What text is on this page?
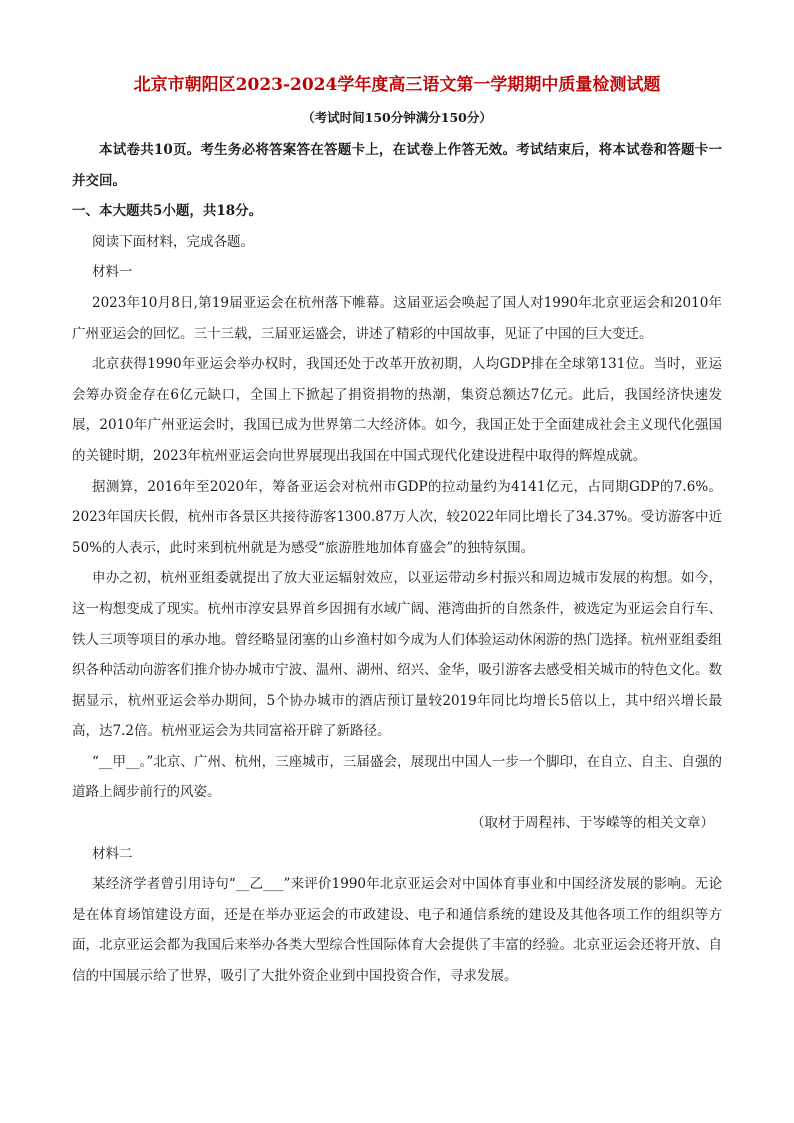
北京市朝阳区2023-2024学年度高三语文第一学期期中质量检测试题
（考试时间150分钟满分150分）

本试卷共10页。考生务必将答案答在答题卡上，在试卷上作答无效。考试结束后，将本试卷和答题卡一并交回。

一、本大题共5小题，共18分。

阅读下面材料，完成各题。

材料一

2023年10月8日,第19届亚运会在杭州落下帷幕。这届亚运会唤起了国人对1990年北京亚运会和2010年广州亚运会的回忆。三十三载，三届亚运盛会，讲述了精彩的中国故事，见证了中国的巨大变迁。

北京获得1990年亚运会举办权时，我国还处于改革开放初期，人均GDP排在全球第131位。当时，亚运会筹办资金存在6亿元缺口，全国上下掀起了捐资捐物的热潮，集资总额达7亿元。此后，我国经济快速发展，2010年广州亚运会时，我国已成为世界第二大经济体。如今，我国正处于全面建成社会主义现代化强国的关键时期，2023年杭州亚运会向世界展现出我国在中国式现代化建设进程中取得的辉煌成就。

据测算，2016年至2020年，筹备亚运会对杭州市GDP的拉动量约为4141亿元，占同期GDP的7.6%。2023年国庆长假，杭州市各景区共接待游客1300.87万人次，较2022年同比增长了34.37%。受访游客中近50%的人表示，此时来到杭州就是为感受“旅游胜地加体育盛会”的独特氛围。

申办之初，杭州亚组委就提出了放大亚运辐射效应，以亚运带动乡村振兴和周边城市发展的构想。如今，这一构想变成了现实。杭州市淳安县界首乡因拥有水域广阔、港湾曲折的自然条件，被选定为亚运会自行车、铁人三项等项目的承办地。曾经略显闭塞的山乡渔村如今成为人们体验运动休闲游的热门选择。杭州亚组委组织各种活动向游客们推介协办城市宁波、温州、湖州、绍兴、金华，吸引游客去感受相关城市的特色文化。数据显示，杭州亚运会举办期间，5个协办城市的酒店预订量较2019年同比均增长5倍以上，其中绍兴增长最高，达7.2倍。杭州亚运会为共同富裕开辟了新路径。

“__甲__。”北京、广州、杭州，三座城市，三届盛会，展现出中国人一步一个脚印，在自立、自主、自强的道路上阔步前行的风姿。

（取材于周程祎、于岑嵘等的相关文章）

材料二

某经济学者曾引用诗句“__乙___”来评价1990年北京亚运会对中国体育事业和中国经济发展的影响。无论是在体育场馆建设方面，还是在举办亚运会的市政建设、电子和通信系统的建设及其他各项工作的组织等方面，北京亚运会都为我国后来举办各类大型综合性国际体育大会提供了丰富的经验。北京亚运会还将开放、自信的中国展示给了世界，吸引了大批外资企业到中国投资合作，寻求发展。
